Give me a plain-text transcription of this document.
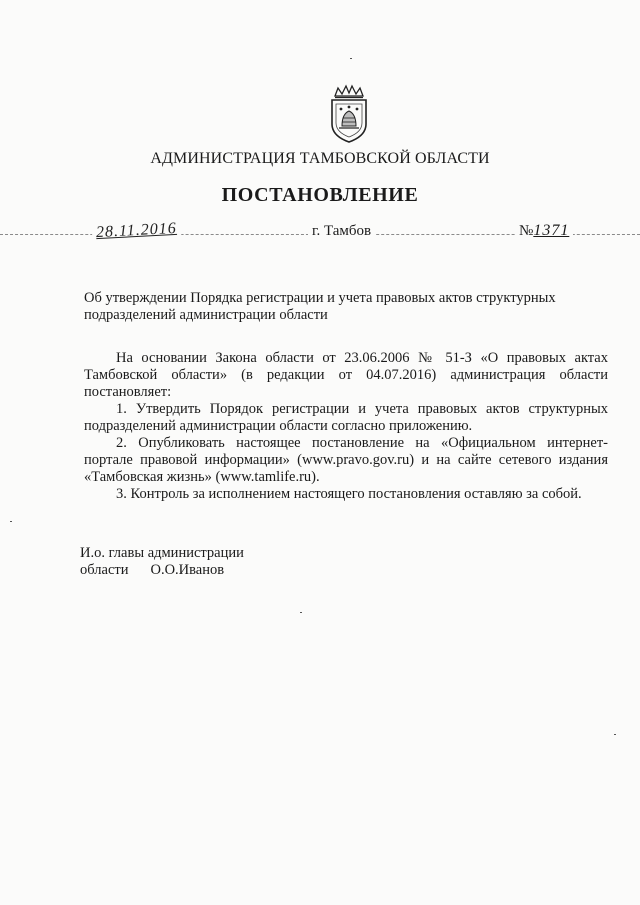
АДМИНИСТРАЦИЯ ТАМБОВСКОЙ ОБЛАСТИ
ПОСТАНОВЛЕНИЕ
28.11.2016	г. Тамбов	№1371
Об утверждении Порядка регистрации и учета правовых актов структурных подразделений администрации области

На основании Закона области от 23.06.2006 № 51-З «О правовых актах Тамбовской области» (в редакции от 04.07.2016) администрация области постановляет:

1. Утвердить Порядок регистрации и учета правовых актов структурных подразделений администрации области согласно приложению.

2. Опубликовать настоящее постановление на «Официальном интернет-портале правовой информации» (www.pravo.gov.ru) и на сайте сетевого издания «Тамбовская жизнь» (www.tamlife.ru).

3. Контроль за исполнением настоящего постановления оставляю за собой.

И.о. главы администрации
области О.О.Иванов
